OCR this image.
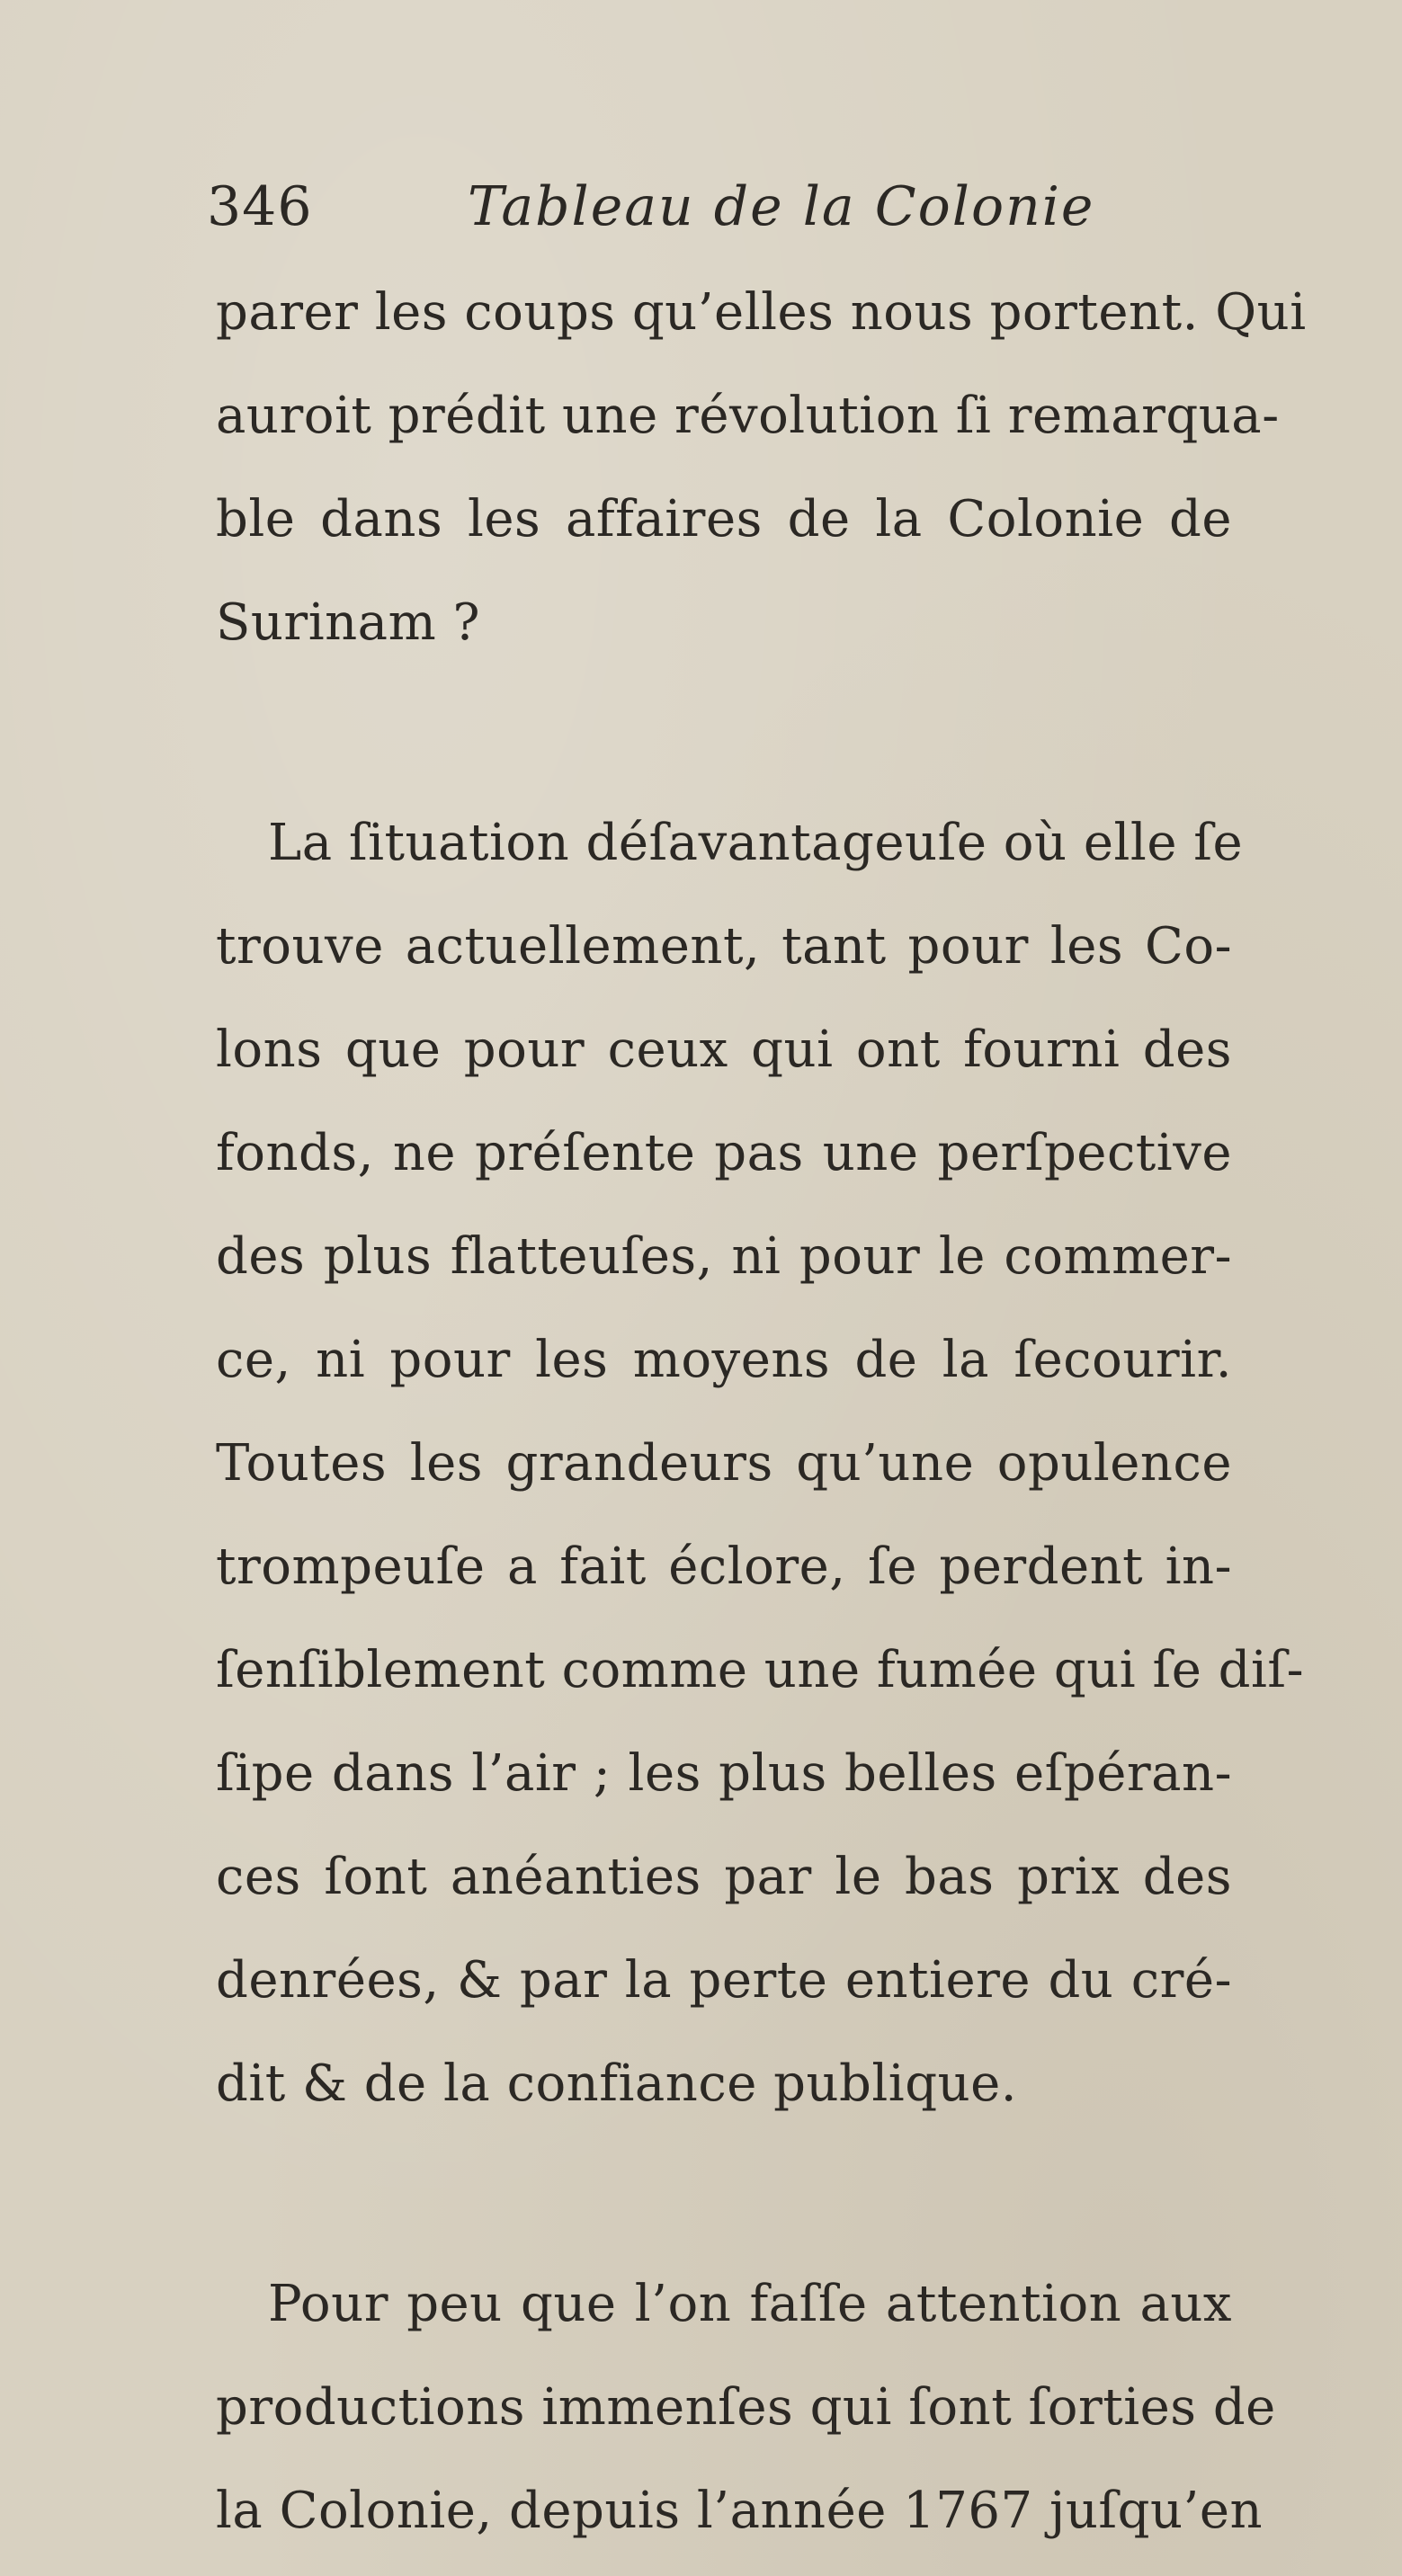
346	Tableau de la Colonie
parer les coups qu’elles nous portent. Qui
auroit prédit une révolution ſi remarqua-
ble dans les affaires de la Colonie de
Surinam ?
La ſituation déſavantageuſe où elle ſe
trouve actuellement, tant pour les Co-
lons que pour ceux qui ont fourni des
fonds, ne préſente pas une perſpective
des plus flatteuſes, ni pour le commer-
ce, ni pour les moyens de la ſecourir.
Toutes les grandeurs qu’une opulence
trompeuſe a fait éclore, ſe perdent in-
ſenſiblement comme une fumée qui ſe diſ-
ſipe dans l’air ; les plus belles eſpéran-
ces ſont anéanties par le bas prix des
denrées, & par la perte entiere du cré-
dit & de la confiance publique.
Pour peu que l’on faſſe attention aux
productions immenſes qui ſont ſorties de
la Colonie, depuis l’année 1767 juſqu’en
